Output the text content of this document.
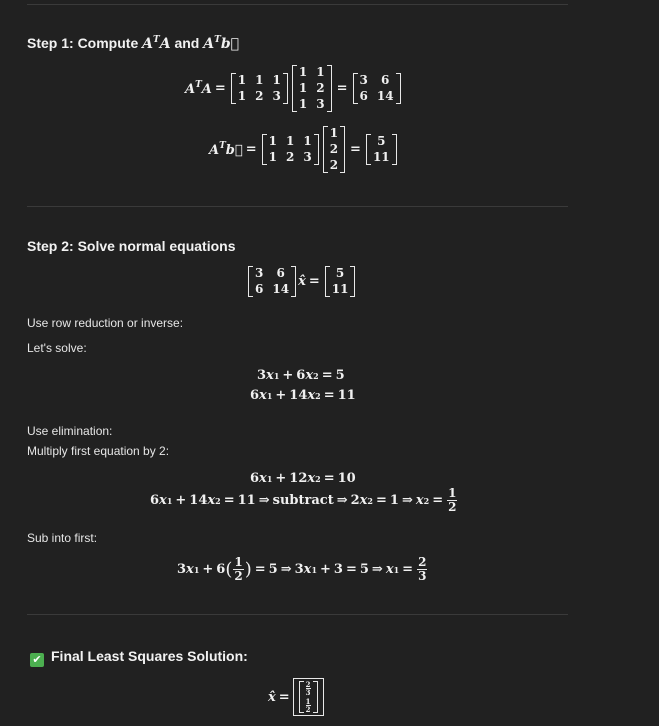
Step 1: Compute $A^TA$ and $A^Tb⃗$
$A^TA$ =
1 1 1
1 2 3
1 1
1 2
1 3
=
3	6
6 14
$A^Tb⃗$ =
1 1 1
1 2 3
1
2
2
=
5
11
Step 2: Solve normal equations
3	6
6 14 x̂ =
5
11
Use row reduction or inverse:
Let's solve:
3 x 1 + 6 x 2 = 5
6 x 1 + 14 x 2 = 11
Use elimination:
Multiply first equation by 2:
6 x 1 + 12 x 2 = 10
6 x 1 + 14 x 2 = 11 ⇒ subtract ⇒ 2 x 2 = 1 ⇒ x $2 = \frac{1}{2}$
Sub into first:
3 x 1 + 6 ( $\frac{1}{2}$ ) = 5 ⇒ 3 x 1 + 3 = 5 ⇒ x $1 = \frac{2}{3}$
✔ Final Least Squares Solution:
x̂ =
$\frac{2}{3}$
$\frac{1}{2}$
